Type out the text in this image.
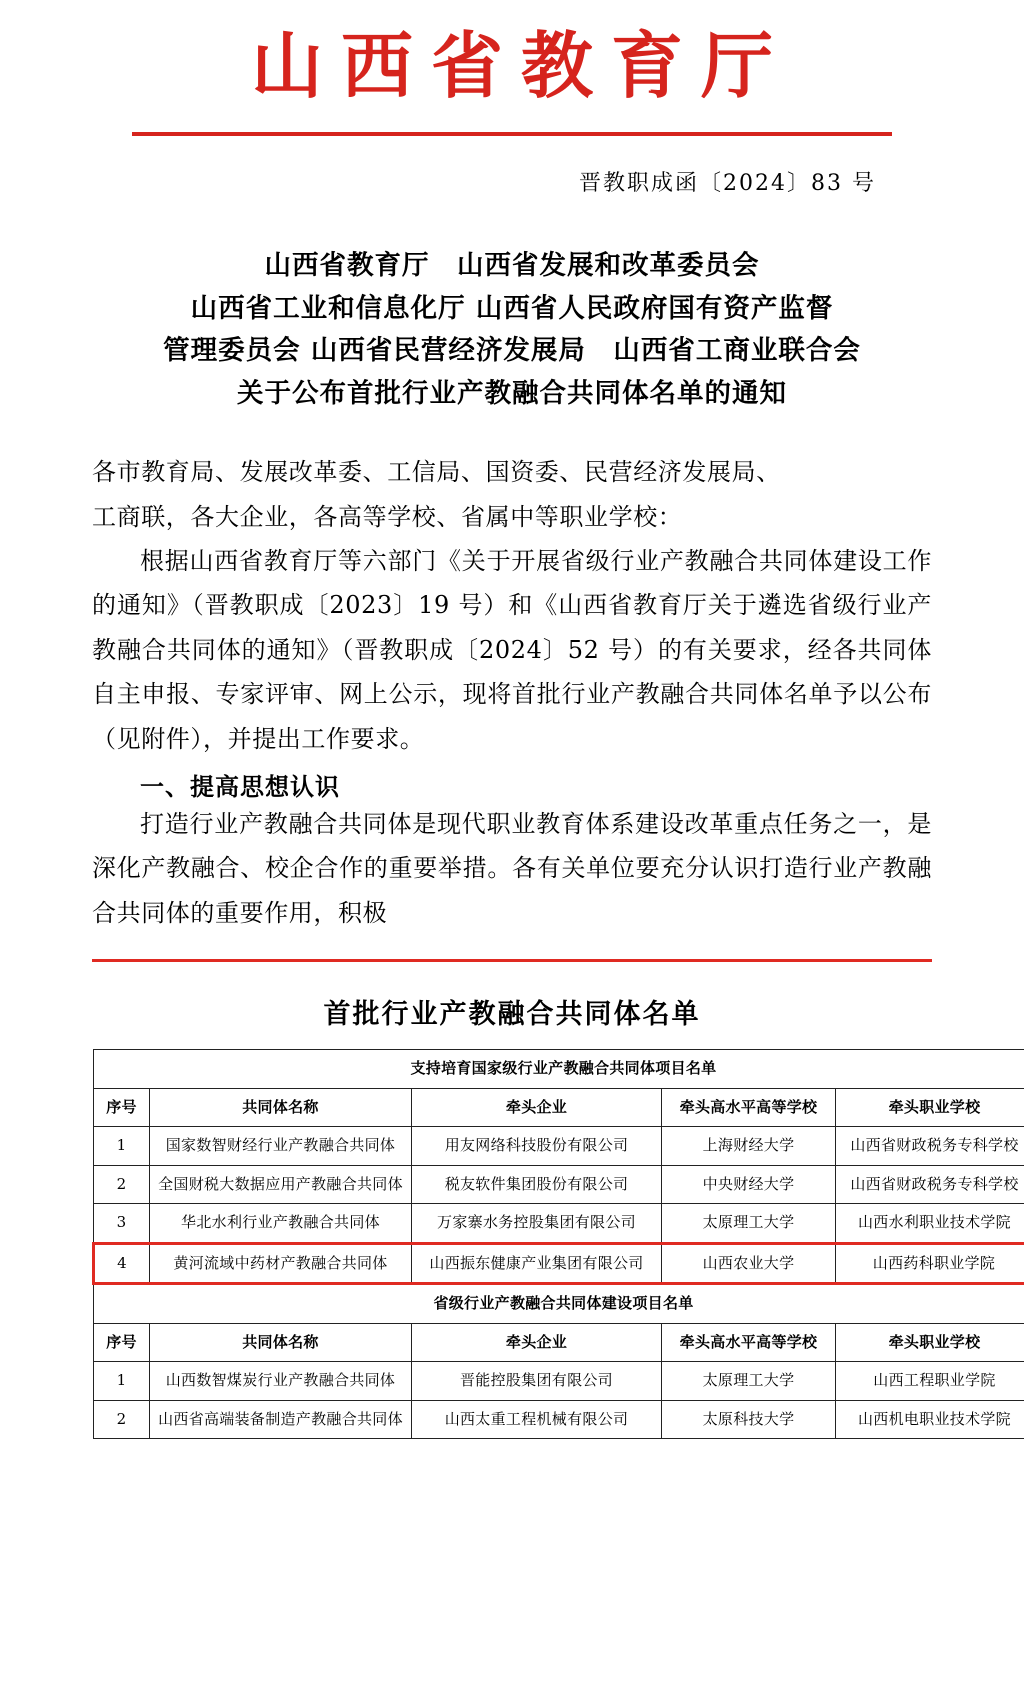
山西省教育厅
晋教职成函〔2024〕83 号
山西省教育厅　山西省发展和改革委员会
山西省工业和信息化厅 山西省人民政府国有资产监督
管理委员会 山西省民营经济发展局　山西省工商业联合会
关于公布首批行业产教融合共同体名单的通知

各市教育局、发展改革委、工信局、国资委、民营经济发展局、

工商联，各大企业，各高等学校、省属中等职业学校：

根据山西省教育厅等六部门《关于开展省级行业产教融合共同体建设工作的通知》（晋教职成〔2023〕19 号）和《山西省教育厅关于遴选省级行业产教融合共同体的通知》（晋教职成〔2024〕52 号）的有关要求，经各共同体自主申报、专家评审、网上公示，现将首批行业产教融合共同体名单予以公布（见附件），并提出工作要求。

一、提高思想认识

打造行业产教融合共同体是现代职业教育体系建设改革重点任务之一，是深化产教融合、校企合作的重要举措。各有关单位要充分认识打造行业产教融合共同体的重要作用，积极

首批行业产教融合共同体名单
支持培育国家级行业产教融合共同体项目名单				
序号	共同体名称	牵头企业	牵头高水平高等学校	牵头职业学校
1	国家数智财经行业产教融合共同体	用友网络科技股份有限公司	上海财经大学	山西省财政税务专科学校
2	全国财税大数据应用产教融合共同体	税友软件集团股份有限公司	中央财经大学	山西省财政税务专科学校
3	华北水利行业产教融合共同体	万家寨水务控股集团有限公司	太原理工大学	山西水利职业技术学院
4	黄河流域中药材产教融合共同体	山西振东健康产业集团有限公司	山西农业大学	山西药科职业学院
省级行业产教融合共同体建设项目名单				
序号	共同体名称	牵头企业	牵头高水平高等学校	牵头职业学校
1	山西数智煤炭行业产教融合共同体	晋能控股集团有限公司	太原理工大学	山西工程职业学院
2	山西省高端装备制造产教融合共同体	山西太重工程机械有限公司	太原科技大学	山西机电职业技术学院
